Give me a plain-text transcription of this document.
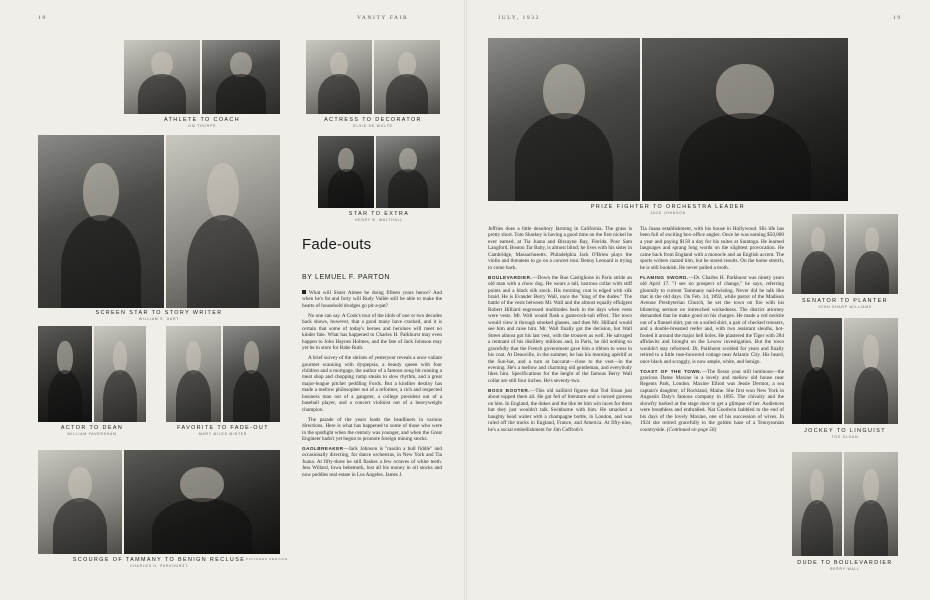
18	VANITY FAIR	JULY, 1932	19
ATHLETE TO COACH
JIM THORPE
ACTRESS TO DECORATOR
ELSIE DE WOLFE
SCREEN STAR TO STORY WRITER
WILLIAM S. HART
STAR TO EXTRA
HENRY B. WALTHALL
ACTOR TO DEAN
WILLIAM FAVERSHAM
FAVORITE TO FADE-OUT
MARY MILES MINTER
SCOURGE OF TAMMANY TO BENIGN RECLUSE
CHARLES H. PARKHURST
PICTURES SERVICE
Fade-outs
BY LEMUEL F. PARTON

What will Sister Aimee be doing fifteen years hence? And when he's fat and forty will Rudy Vallée still be able to make the hearts of household drudges go pit-a-pat?

No one can say. A Cook's tour of the idols of one or two decades back shows, however, that a good many have cracked, and it is certain that some of today's heroes and heroines will meet no kinder fate. What has happened to Charles H. Parkhurst may even happen to John Haynes Holmes, and the fate of Jack Johnson may yet be in store for Babe Ruth.

A brief survey of the shrines of yesteryear reveals a once valiant gourmet scanning with dyspepsia, a beauty queen with four children and a mortgage, the author of a famous song hit running a meat shop and chopping rump steaks to slow rhythm, and a great major-league pitcher peddling Fords. But a kindlier destiny has made a mellow philosopher out of a reformer, a rich and respected business man out of a gangster, a college president out of a baseball player, and a concert violinist out of a heavyweight champion.

The parade of the years leads the headliners in various directions. Here is what has happened to some of those who were in the spotlight when the century was younger, and when the Great Engineer hadn't yet begun to promote foreign mining stocks.

GAOLBREAKER—Jack Johnson is "rasslin a bull fiddle" and occasionally directing, for dance orchestras, in New York and Tia Juana. At fifty-three he still flashes a few octaves of white teeth. Jess Willard, Iowa behemoth, lost all his money in oil stocks and now peddles real estate in Los Angeles. James J.

PRIZE FIGHTER TO ORCHESTRA LEADER
JACK JOHNSON
SENATOR TO PLANTER
JOHN SHARP WILLIAMS
JOCKEY TO LINGUIST
TOD SLOAN
DUDE TO BOULEVARDIER
BERRY WALL

Jeffries does a little desultory farming in California. The grass is pretty short. Tom Sharkey is having a good time on the first nickel he ever earned, at Tia Juana and Biscayne Bay, Florida. Poor Sam Langford, Boston Tar Baby, is almost blind; he lives with his sister in Cambridge, Massachusetts. Philadelphia Jack O'Brien plays the violin and threatens to go on a concert tour. Benny Leonard is trying to come back.

BOULEVARDIER.—Down the Rue Castiglione in Paris stride an old man with a chow dog. He wears a tall, lustrous collar with stiff points and a black silk stock. His morning coat is edged with silk braid. He is Evander Berry Wall, once the "king of the dudes." The battle of the vests between Mr. Wall and the almost equally effulgent Robert Hilliard engrossed multitudes back in the days when vests were vests. Mr. Wall would flash a gamecock-tail effect. The town would view it through smoked glasses, and then Mr. Hilliard would see him and raise him. Mr. Wall finally got the decision, but Wall Street almost got his last vest, with the trousers as well. He salvaged a remnant of his distillery millions and, in Paris, he did nothing so gracefully that the French government gave him a ribbon to wear in his coat. At Deauville, in the summer, he has his morning apéritif at the Sun-bar, and a turn at baccarat—close to the vest—in the evening. He's a mellow and charming old gentleman, and everybody likes him. Specifications for the height of the famous Berry Wall collar are still four inches. He's seventy-two.

BOSS BOOTER.—This old nailbird figures that Tod Sloan just about topped them all. He got fed of literature and a turned gurness on him. In England, the dukes and the like let him win races for them but they just wouldn't talk Swinburne with him. He smacked a haughty head waiter with a champagne bottle, in London, and was ruled off the tracks in England, France, and America. At fifty-nine, he's a social embellishment for Jim Coffroth's

Tia Juana establishment, with his house in Hollywood. His life has been full of exciting box-office angles. Once he was earning $50,000 a year and paying $150 a day for his suites at Saratoga. He learned languages and sprang long words on the slightest provocation. He came back from England with a monocle and an English accent. The sports writers razzed him, but he stared results. On the home stretch, he is still bookish. He never pulled a tooth.

FLAMING SWORD.—Dr. Charles H. Parkhurst was ninety years old April 17. "I see no prospect of change," he says, referring gloomily to current Tammany nail-twisting. Never did he talk like that in the old days. On Feb. 14, 1892, while pastor of the Madison Avenue Presbyterian Church, he set the town on fire with his blistering sermon on intrenched wickedness. The district attorney demanded that he make good on his charges. He made a red necktie out of a flannel shirt, put on a soiled shirt, a pair of checked trousers, and a double-breasted reefer and, with two assistant sleuths, hot-footed it around the major hell holes. He plastered the Tiger with 284 affidavits and brought on the Lexow investigation. But the town wouldn't stay reformed. Dr. Parkhurst scolded for years and finally retired to a little rose-bowered cottage near Atlantic City. His heard, once black and scraggly, is now ample, white, and benign.

TOAST OF THE TOWN.—The fiesso your still luminous—the gracious Dame Maxine in a lovely and mellow old house near Regents Park, London. Maxine Elliott was Jessie Dermot, a sea captain's daughter, of Rockland, Maine. She first won New York in Augustin Daly's famous company in 1895. The chivalry and the showfry barked at the stage door to get a glimpse of her. Audiences were breathless and enthralled. Nat Goodwin babbled to the end of his days of the lovely Maxine, one of his succession of wives. In 1924 she retired gracefully to the golden haze of a Tennysonian countryside. (Continued on page 56)
